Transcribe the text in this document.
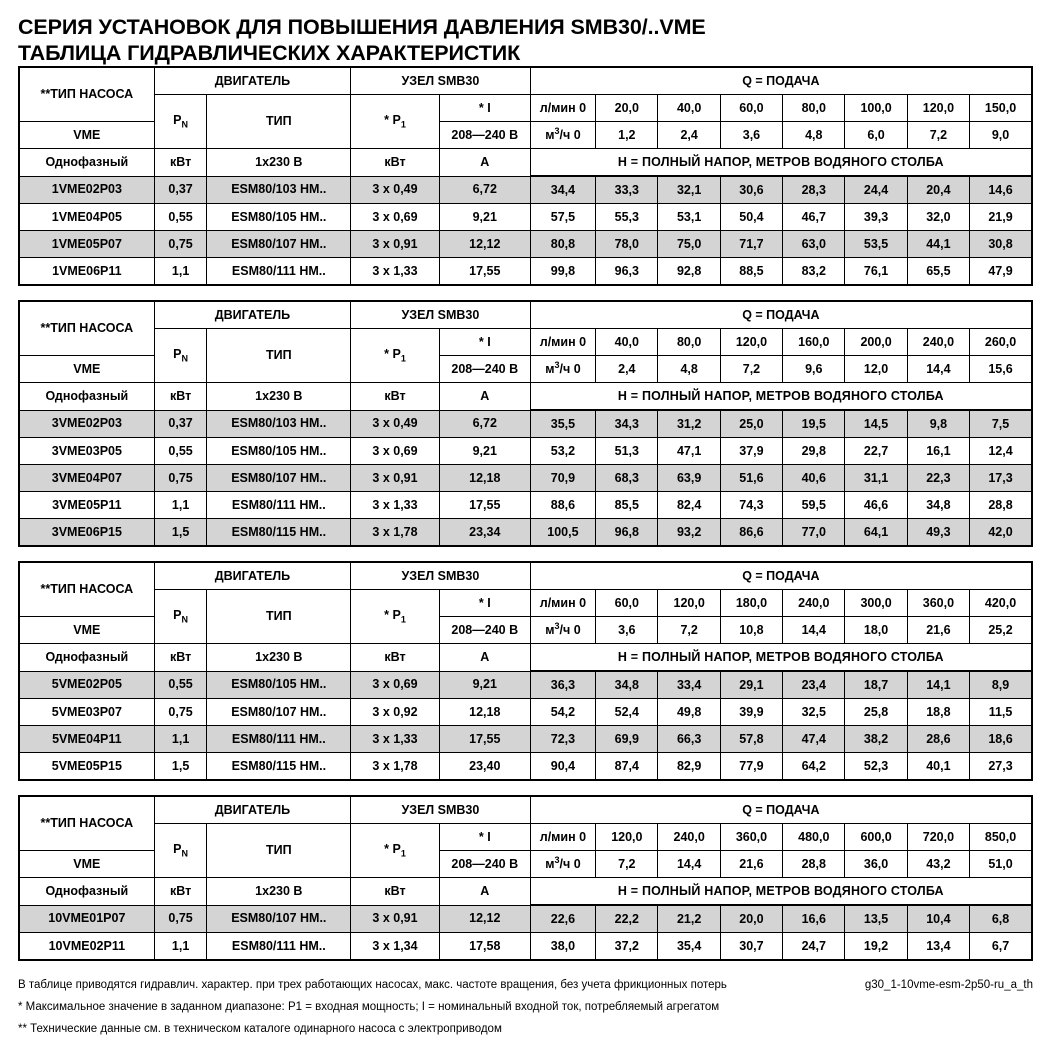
СЕРИЯ УСТАНОВОК ДЛЯ ПОВЫШЕНИЯ ДАВЛЕНИЯ SMB30/..VME
ТАБЛИЦА ГИДРАВЛИЧЕСКИХ ХАРАКТЕРИСТИК
**ТИП НАСОСА	ДВИГАТЕЛЬ		УЗЕЛ SMB30		Q = ПОДАЧА							
	$P_N$	ТИП	* $P_1$	* I	л/мин 0	20,0	40,0	60,0	80,0	100,0	120,0	150,0
VME				208—240 В	$м^3/ч$ 0	1,2	2,4	3,6	4,8	6,0	7,2	9,0
Однофазный	кВт	1x230 В	кВт	A	H = ПОЛНЫЙ НАПОР, МЕТРОВ ВОДЯНОГО СТОЛБА							
1VME02P03	0,37	ESM80/103 HM..	3 x 0,49	6,72	34,4	33,3	32,1	30,6	28,3	24,4	20,4	14,6
1VME04P05	0,55	ESM80/105 HM..	3 x 0,69	9,21	57,5	55,3	53,1	50,4	46,7	39,3	32,0	21,9
1VME05P07	0,75	ESM80/107 HM..	3 x 0,91	12,12	80,8	78,0	75,0	71,7	63,0	53,5	44,1	30,8
1VME06P11	1,1	ESM80/111 HM..	3 x 1,33	17,55	99,8	96,3	92,8	88,5	83,2	76,1	65,5	47,9
**ТИП НАСОСА	ДВИГАТЕЛЬ		УЗЕЛ SMB30		Q = ПОДАЧА							
	$P_N$	ТИП	* $P_1$	* I	л/мин 0	40,0	80,0	120,0	160,0	200,0	240,0	260,0
VME				208—240 В	$м^3/ч$ 0	2,4	4,8	7,2	9,6	12,0	14,4	15,6
Однофазный	кВт	1x230 В	кВт	A	H = ПОЛНЫЙ НАПОР, МЕТРОВ ВОДЯНОГО СТОЛБА							
3VME02P03	0,37	ESM80/103 HM..	3 x 0,49	6,72	35,5	34,3	31,2	25,0	19,5	14,5	9,8	7,5
3VME03P05	0,55	ESM80/105 HM..	3 x 0,69	9,21	53,2	51,3	47,1	37,9	29,8	22,7	16,1	12,4
3VME04P07	0,75	ESM80/107 HM..	3 x 0,91	12,18	70,9	68,3	63,9	51,6	40,6	31,1	22,3	17,3
3VME05P11	1,1	ESM80/111 HM..	3 x 1,33	17,55	88,6	85,5	82,4	74,3	59,5	46,6	34,8	28,8
3VME06P15	1,5	ESM80/115 HM..	3 x 1,78	23,34	100,5	96,8	93,2	86,6	77,0	64,1	49,3	42,0
**ТИП НАСОСА	ДВИГАТЕЛЬ		УЗЕЛ SMB30		Q = ПОДАЧА							
	$P_N$	ТИП	* $P_1$	* I	л/мин 0	60,0	120,0	180,0	240,0	300,0	360,0	420,0
VME				208—240 В	$м^3/ч$ 0	3,6	7,2	10,8	14,4	18,0	21,6	25,2
Однофазный	кВт	1x230 В	кВт	A	H = ПОЛНЫЙ НАПОР, МЕТРОВ ВОДЯНОГО СТОЛБА							
5VME02P05	0,55	ESM80/105 HM..	3 x 0,69	9,21	36,3	34,8	33,4	29,1	23,4	18,7	14,1	8,9
5VME03P07	0,75	ESM80/107 HM..	3 x 0,92	12,18	54,2	52,4	49,8	39,9	32,5	25,8	18,8	11,5
5VME04P11	1,1	ESM80/111 HM..	3 x 1,33	17,55	72,3	69,9	66,3	57,8	47,4	38,2	28,6	18,6
5VME05P15	1,5	ESM80/115 HM..	3 x 1,78	23,40	90,4	87,4	82,9	77,9	64,2	52,3	40,1	27,3
**ТИП НАСОСА	ДВИГАТЕЛЬ		УЗЕЛ SMB30		Q = ПОДАЧА							
	$P_N$	ТИП	* $P_1$	* I	л/мин 0	120,0	240,0	360,0	480,0	600,0	720,0	850,0
VME				208—240 В	$м^3/ч$ 0	7,2	14,4	21,6	28,8	36,0	43,2	51,0
Однофазный	кВт	1x230 В	кВт	A	H = ПОЛНЫЙ НАПОР, МЕТРОВ ВОДЯНОГО СТОЛБА							
10VME01P07	0,75	ESM80/107 HM..	3 x 0,91	12,12	22,6	22,2	21,2	20,0	16,6	13,5	10,4	6,8
10VME02P11	1,1	ESM80/111 HM..	3 x 1,34	17,58	38,0	37,2	35,4	30,7	24,7	19,2	13,4	6,7
В таблице приводятся гидравлич. характер. при трех работающих насосах, макс. частоте вращения, без учета фрикционных потерь	g30_1-10vme-esm-2p50-ru_a_th
* Максимальное значение в заданном диапазоне: P1 = входная мощность; I = номинальный входной ток, потребляемый агрегатом
** Технические данные см. в техническом каталоге одинарного насоса с электроприводом
